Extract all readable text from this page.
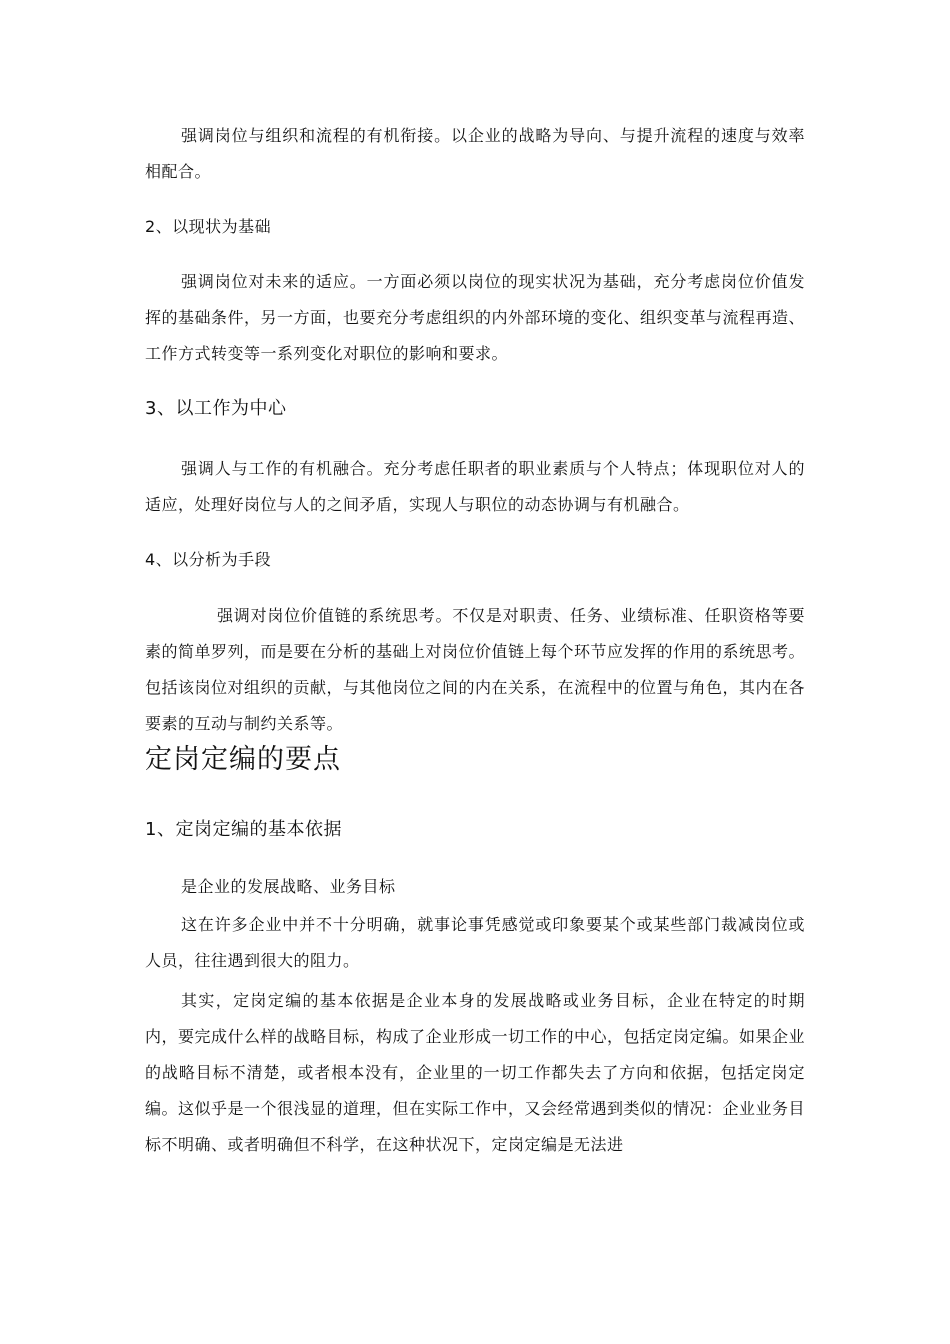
强调岗位与组织和流程的有机衔接。以企业的战略为导向、与提升流程的速度与效率相配合。
2、以现状为基础
强调岗位对未来的适应。一方面必须以岗位的现实状况为基础，充分考虑岗位价值发挥的基础条件，另一方面，也要充分考虑组织的内外部环境的变化、组织变革与流程再造、工作方式转变等一系列变化对职位的影响和要求。
3、以工作为中心
强调人与工作的有机融合。充分考虑任职者的职业素质与个人特点；体现职位对人的适应，处理好岗位与人的之间矛盾，实现人与职位的动态协调与有机融合。
4、以分析为手段
强调对岗位价值链的系统思考。不仅是对职责、任务、业绩标准、任职资格等要素的简单罗列，而是要在分析的基础上对岗位价值链上每个环节应发挥的作用的系统思考。包括该岗位对组织的贡献，与其他岗位之间的内在关系，在流程中的位置与角色，其内在各要素的互动与制约关系等。
定岗定编的要点
1、定岗定编的基本依据
是企业的发展战略、业务目标
这在许多企业中并不十分明确，就事论事凭感觉或印象要某个或某些部门裁减岗位或人员，往往遇到很大的阻力。
其实，定岗定编的基本依据是企业本身的发展战略或业务目标，企业在特定的时期内，要完成什么样的战略目标，构成了企业形成一切工作的中心，包括定岗定编。如果企业的战略目标不清楚，或者根本没有，企业里的一切工作都失去了方向和依据，包括定岗定编。这似乎是一个很浅显的道理，但在实际工作中，又会经常遇到类似的情况：企业业务目标不明确、或者明确但不科学，在这种状况下，定岗定编是无法进
